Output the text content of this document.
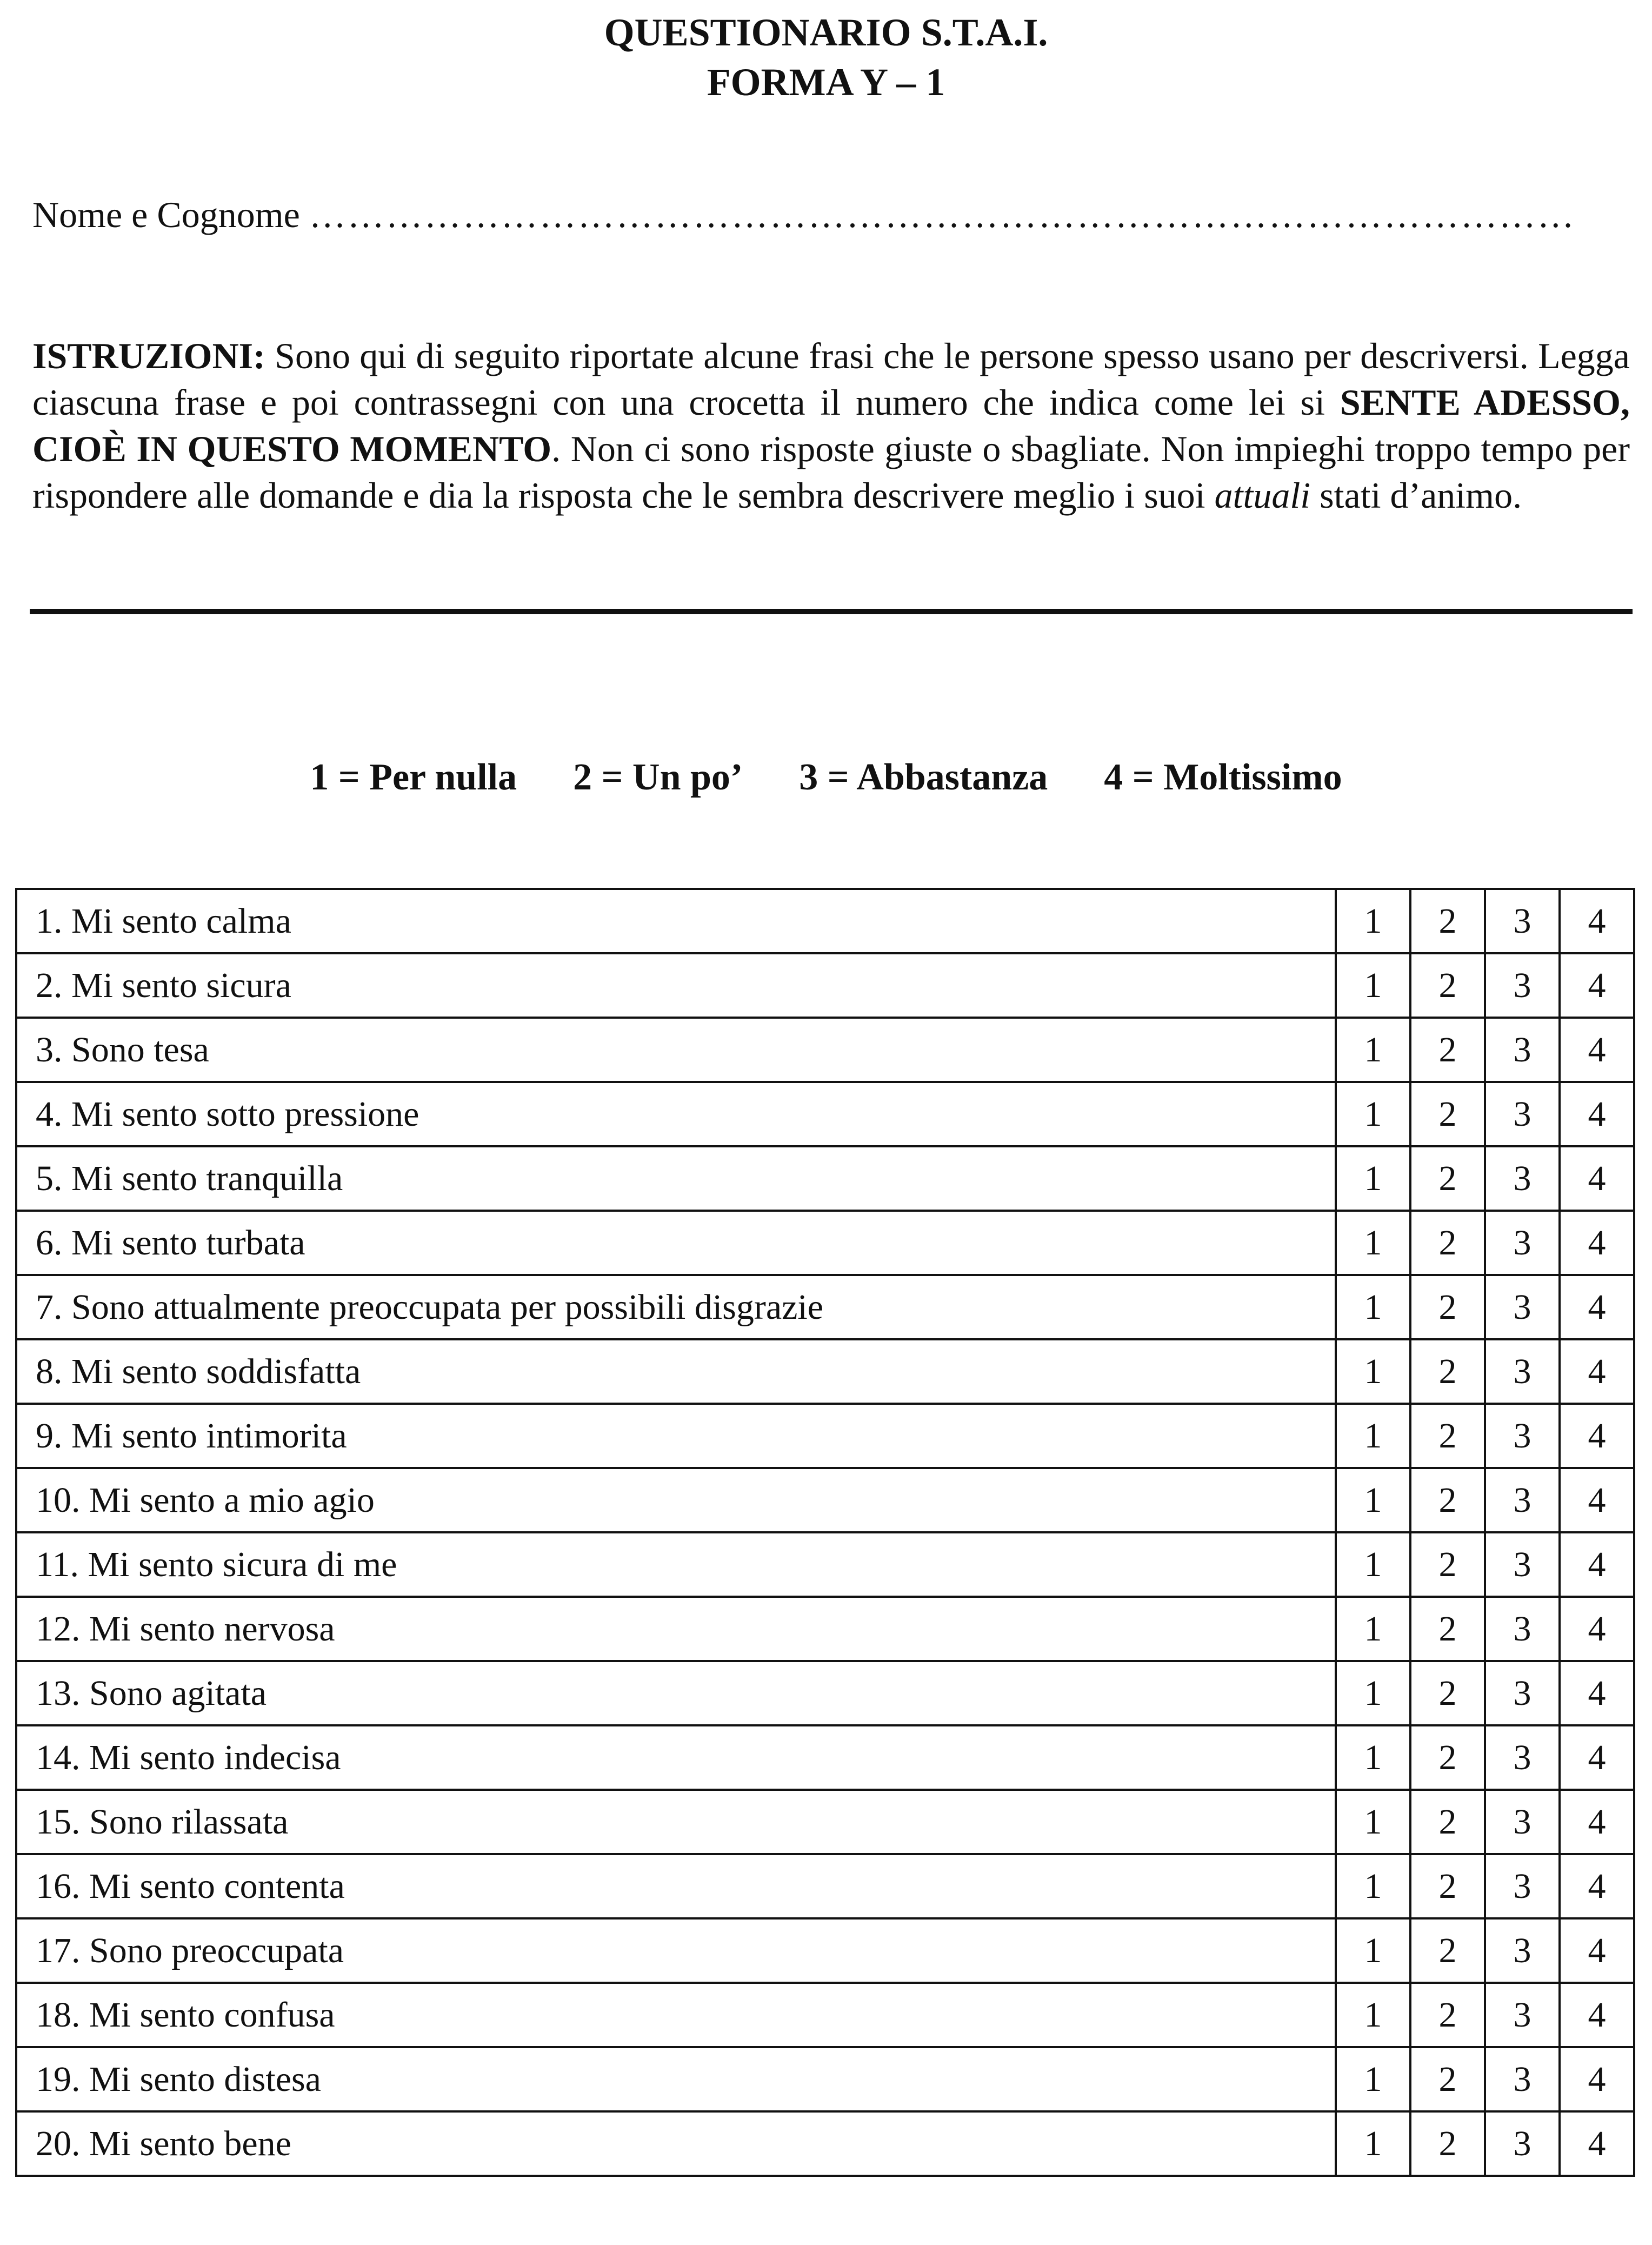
QUESTIONARIO S.T.A.I.
FORMA Y – 1
Nome e Cognome ………………………………………………………………………………………
ISTRUZIONI: Sono qui di seguito riportate alcune frasi che le persone spesso usano per descriversi. Legga ciascuna frase e poi contrassegni con una crocetta il numero che indica come lei si SENTE ADESSO, CIOÈ IN QUESTO MOMENTO. Non ci sono risposte giuste o sbagliate. Non impieghi troppo tempo per rispondere alle domande e dia la risposta che le sembra descrivere meglio i suoi attuali stati d’animo.
1 = Per nulla 2 = Un po’ 3 = Abbastanza 4 = Moltissimo
1. Mi sento calma	1	2	3	4
2. Mi sento sicura	1	2	3	4
3. Sono tesa	1	2	3	4
4. Mi sento sotto pressione	1	2	3	4
5. Mi sento tranquilla	1	2	3	4
6. Mi sento turbata	1	2	3	4
7. Sono attualmente preoccupata per possibili disgrazie	1	2	3	4
8. Mi sento soddisfatta	1	2	3	4
9. Mi sento intimorita	1	2	3	4
10. Mi sento a mio agio	1	2	3	4
11. Mi sento sicura di me	1	2	3	4
12. Mi sento nervosa	1	2	3	4
13. Sono agitata	1	2	3	4
14. Mi sento indecisa	1	2	3	4
15. Sono rilassata	1	2	3	4
16. Mi sento contenta	1	2	3	4
17. Sono preoccupata	1	2	3	4
18. Mi sento confusa	1	2	3	4
19. Mi sento distesa	1	2	3	4
20. Mi sento bene	1	2	3	4
